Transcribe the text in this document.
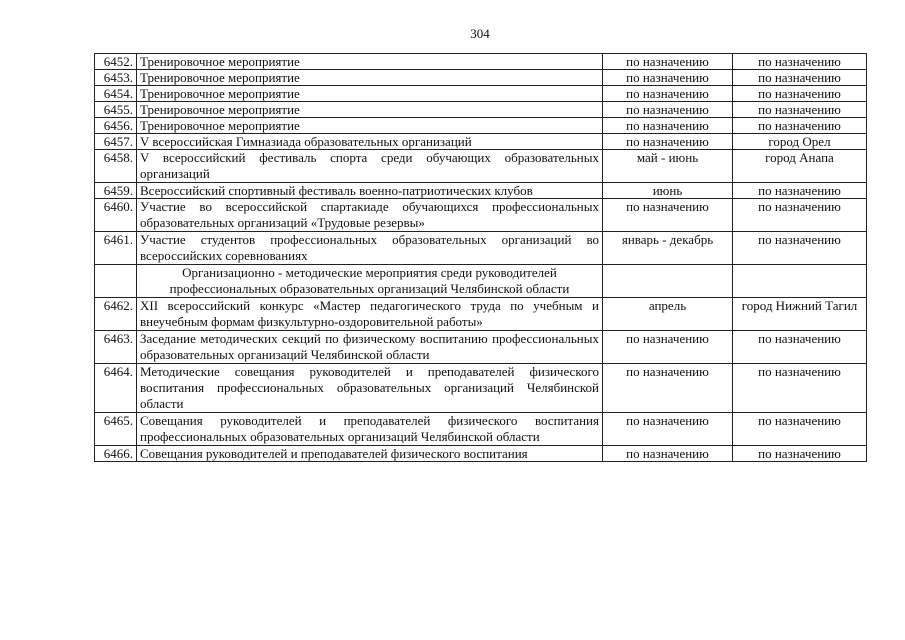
304
6452.	Тренировочное мероприятие	по назначению	по назначению
6453.	Тренировочное мероприятие	по назначению	по назначению
6454.	Тренировочное мероприятие	по назначению	по назначению
6455.	Тренировочное мероприятие	по назначению	по назначению
6456.	Тренировочное мероприятие	по назначению	по назначению
6457.	V всероссийская Гимназиада образовательных организаций	по назначению	город Орел
6458.	V всероссийский фестиваль спорта среди обучающих образовательных организаций	май - июнь	город Анапа
6459.	Всероссийский спортивный фестиваль военно-патриотических клубов	июнь	по назначению
6460.	Участие во всероссийской спартакиаде обучающихся профессиональных образовательных организаций «Трудовые резервы»	по назначению	по назначению
6461.	Участие студентов профессиональных образовательных организаций во всероссийских соревнованиях	январь - декабрь	по назначению
	Организационно - методические мероприятия среди руководителей профессиональных образовательных организаций Челябинской области		
6462.	XII всероссийский конкурс «Мастер педагогического труда по учебным и внеучебным формам физкультурно-оздоровительной работы»	апрель	город Нижний Тагил
6463.	Заседание методических секций по физическому воспитанию профессиональных образовательных организаций Челябинской области	по назначению	по назначению
6464.	Методические совещания руководителей и преподавателей физического воспитания профессиональных образовательных организаций Челябинской области	по назначению	по назначению
6465.	Совещания руководителей и преподавателей физического воспитания профессиональных образовательных организаций Челябинской области	по назначению	по назначению
6466.	Совещания руководителей и преподавателей физического воспитания	по назначению	по назначению
